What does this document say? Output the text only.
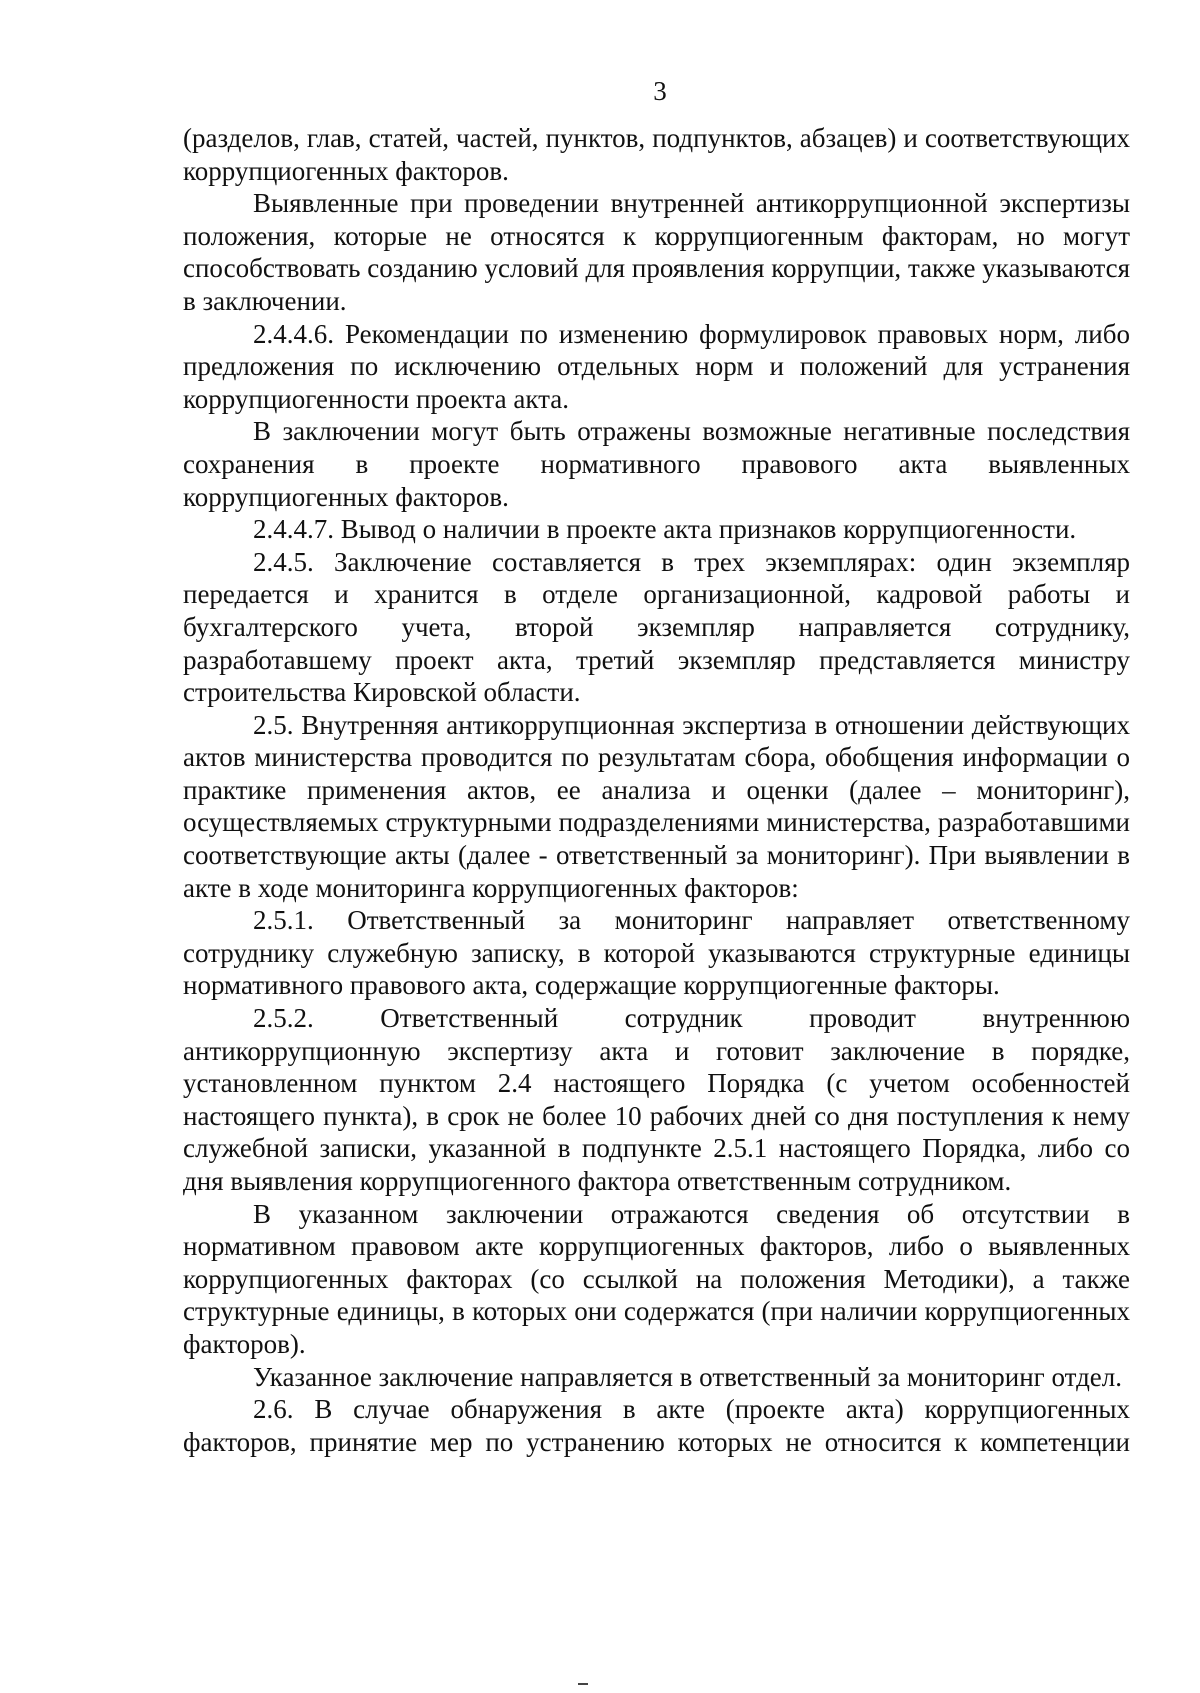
3

(разделов, глав, статей, частей, пунктов, подпунктов, абзацев) и соответствующих коррупциогенных факторов.

Выявленные при проведении внутренней антикоррупционной экспертизы положения, которые не относятся к коррупциогенным факторам, но могут способствовать созданию условий для проявления коррупции, также указываются в заключении.

2.4.4.6. Рекомендации по изменению формулировок правовых норм, либо предложения по исключению отдельных норм и положений для устранения коррупциогенности проекта акта.

В заключении могут быть отражены возможные негативные последствия сохранения в проекте нормативного правового акта выявленных коррупциогенных факторов.

2.4.4.7. Вывод о наличии в проекте акта признаков коррупциогенности.

2.4.5. Заключение составляется в трех экземплярах: один экземпляр передается и хранится в отделе организационной, кадровой работы и бухгалтерского учета, второй экземпляр направляется сотруднику, разработавшему проект акта, третий экземпляр представляется министру строительства Кировской области.

2.5. Внутренняя антикоррупционная экспертиза в отношении действующих актов министерства проводится по результатам сбора, обобщения информации о практике применения актов, ее анализа и оценки (далее – мониторинг), осуществляемых структурными подразделениями министерства, разработавшими соответствующие акты (далее - ответственный за мониторинг). При выявлении в акте в ходе мониторинга коррупциогенных факторов:

2.5.1. Ответственный за мониторинг направляет ответственному сотруднику служебную записку, в которой указываются структурные единицы нормативного правового акта, содержащие коррупциогенные факторы.

2.5.2. Ответственный сотрудник проводит внутреннюю антикоррупционную экспертизу акта и готовит заключение в порядке, установленном пунктом 2.4 настоящего Порядка (с учетом особенностей настоящего пункта), в срок не более 10 рабочих дней со дня поступления к нему служебной записки, указанной в подпункте 2.5.1 настоящего Порядка, либо со дня выявления коррупциогенного фактора ответственным сотрудником.

В указанном заключении отражаются сведения об отсутствии в нормативном правовом акте коррупциогенных факторов, либо о выявленных коррупциогенных факторах (со ссылкой на положения Методики), а также структурные единицы, в которых они содержатся (при наличии коррупциогенных факторов).

Указанное заключение направляется в ответственный за мониторинг отдел.

2.6. В случае обнаружения в акте (проекте акта) коррупциогенных факторов, принятие мер по устранению которых не относится к компетенции
